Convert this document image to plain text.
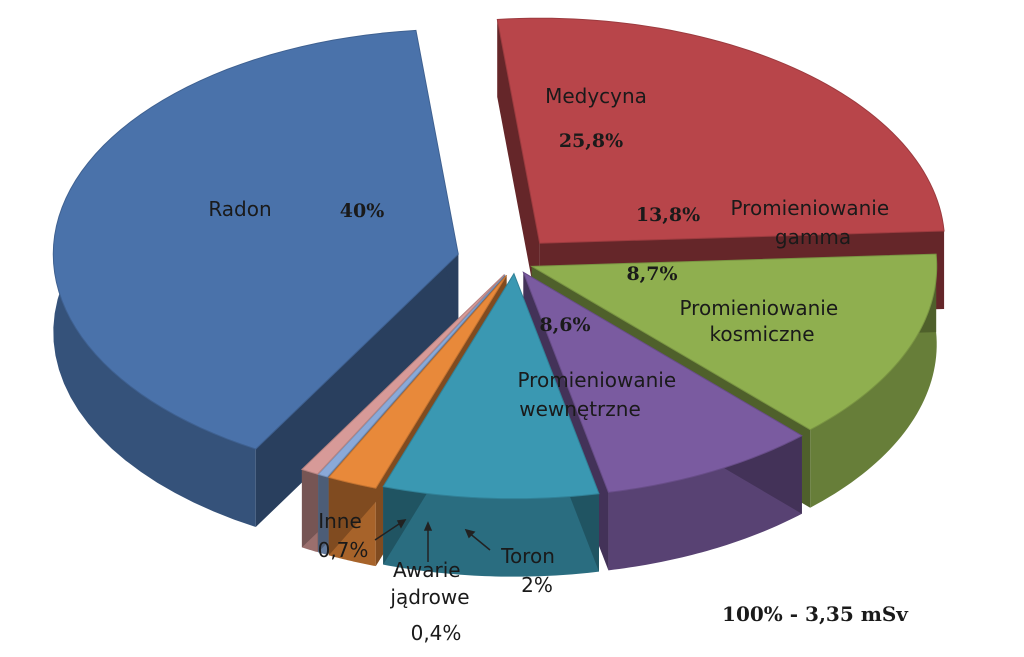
Radon	40%
Medycyna
25,8%
13,8% Promieniowanie gamma
8,7%
Promieniowanie kosmiczne
8,6%
Promieniowanie wewnętrzne
Inne
0,7%
Awarie jądrowe
0,4%
Toron
2%
100% - 3,35 mSv
